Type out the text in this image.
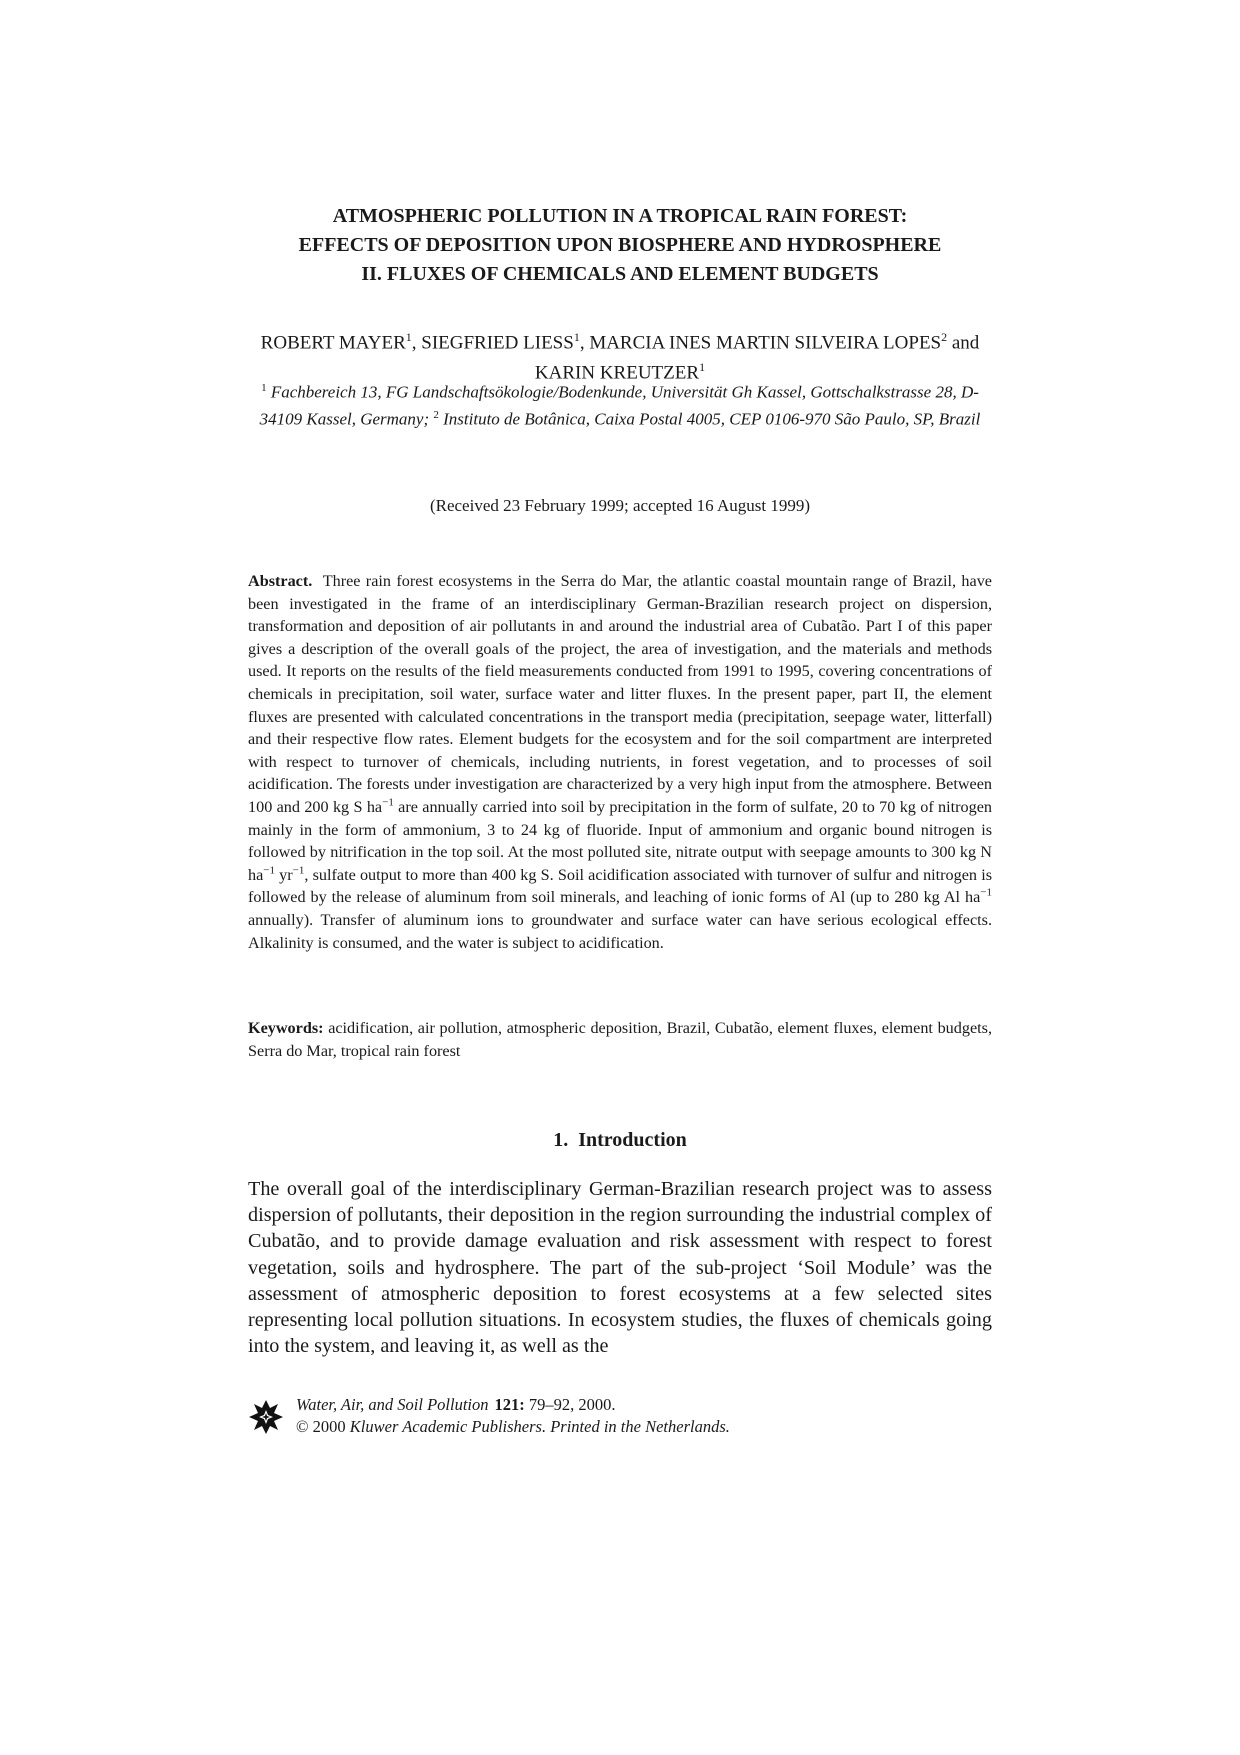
ATMOSPHERIC POLLUTION IN A TROPICAL RAIN FOREST:
EFFECTS OF DEPOSITION UPON BIOSPHERE AND HYDROSPHERE
II. FLUXES OF CHEMICALS AND ELEMENT BUDGETS

ROBERT MAYER$^1$, SIEGFRIED LIESS$^1$, MARCIA INES MARTIN SILVEIRA LOPES$^2$ and KARIN KREUTZER$^1$

$^1$ Fachbereich 13, FG Landschaftsökologie/Bodenkunde, Universität Gh Kassel, Gottschalkstrasse 28, D-34109 Kassel, Germany; $^2$ Instituto de Botânica, Caixa Postal 4005, CEP 0106-970 São Paulo, SP, Brazil

(Received 23 February 1999; accepted 16 August 1999)

Abstract. Three rain forest ecosystems in the Serra do Mar, the atlantic coastal mountain range of Brazil, have been investigated in the frame of an interdisciplinary German-Brazilian research project on dispersion, transformation and deposition of air pollutants in and around the industrial area of Cubatão. Part I of this paper gives a description of the overall goals of the project, the area of investigation, and the materials and methods used. It reports on the results of the field measurements conducted from 1991 to 1995, covering concentrations of chemicals in precipitation, soil water, surface water and litter fluxes. In the present paper, part II, the element fluxes are presented with calculated concentrations in the transport media (precipitation, seepage water, litterfall) and their respective flow rates. Element budgets for the ecosystem and for the soil compartment are interpreted with respect to turnover of chemicals, including nutrients, in forest vegetation, and to processes of soil acidification. The forests under investigation are characterized by a very high input from the atmosphere. Between 100 and 200 kg S $ha^{-1}$ are annually carried into soil by precipitation in the form of sulfate, 20 to 70 kg of nitrogen mainly in the form of ammonium, 3 to 24 kg of fluoride. Input of ammonium and organic bound nitrogen is followed by nitrification in the top soil. At the most polluted site, nitrate output with seepage amounts to 300 kg N $ha^{-1}$ $yr^{-1}$, sulfate output to more than 400 kg S. Soil acidification associated with turnover of sulfur and nitrogen is followed by the release of aluminum from soil minerals, and leaching of ionic forms of Al (up to 280 kg Al $ha^{-1}$ annually). Transfer of aluminum ions to groundwater and surface water can have serious ecological effects. Alkalinity is consumed, and the water is subject to acidification.

Keywords: acidification, air pollution, atmospheric deposition, Brazil, Cubatão, element fluxes, element budgets, Serra do Mar, tropical rain forest

1. Introduction

The overall goal of the interdisciplinary German-Brazilian research project was to assess dispersion of pollutants, their deposition in the region surrounding the industrial complex of Cubatão, and to provide damage evaluation and risk assessment with respect to forest vegetation, soils and hydrosphere. The part of the sub-project ‘Soil Module’ was the assessment of atmospheric deposition to forest ecosystems at a few selected sites representing local pollution situations. In ecosystem studies, the fluxes of chemicals going into the system, and leaving it, as well as the

Water, Air, and Soil Pollution 121: 79–92, 2000.
© 2000 Kluwer Academic Publishers. Printed in the Netherlands.
